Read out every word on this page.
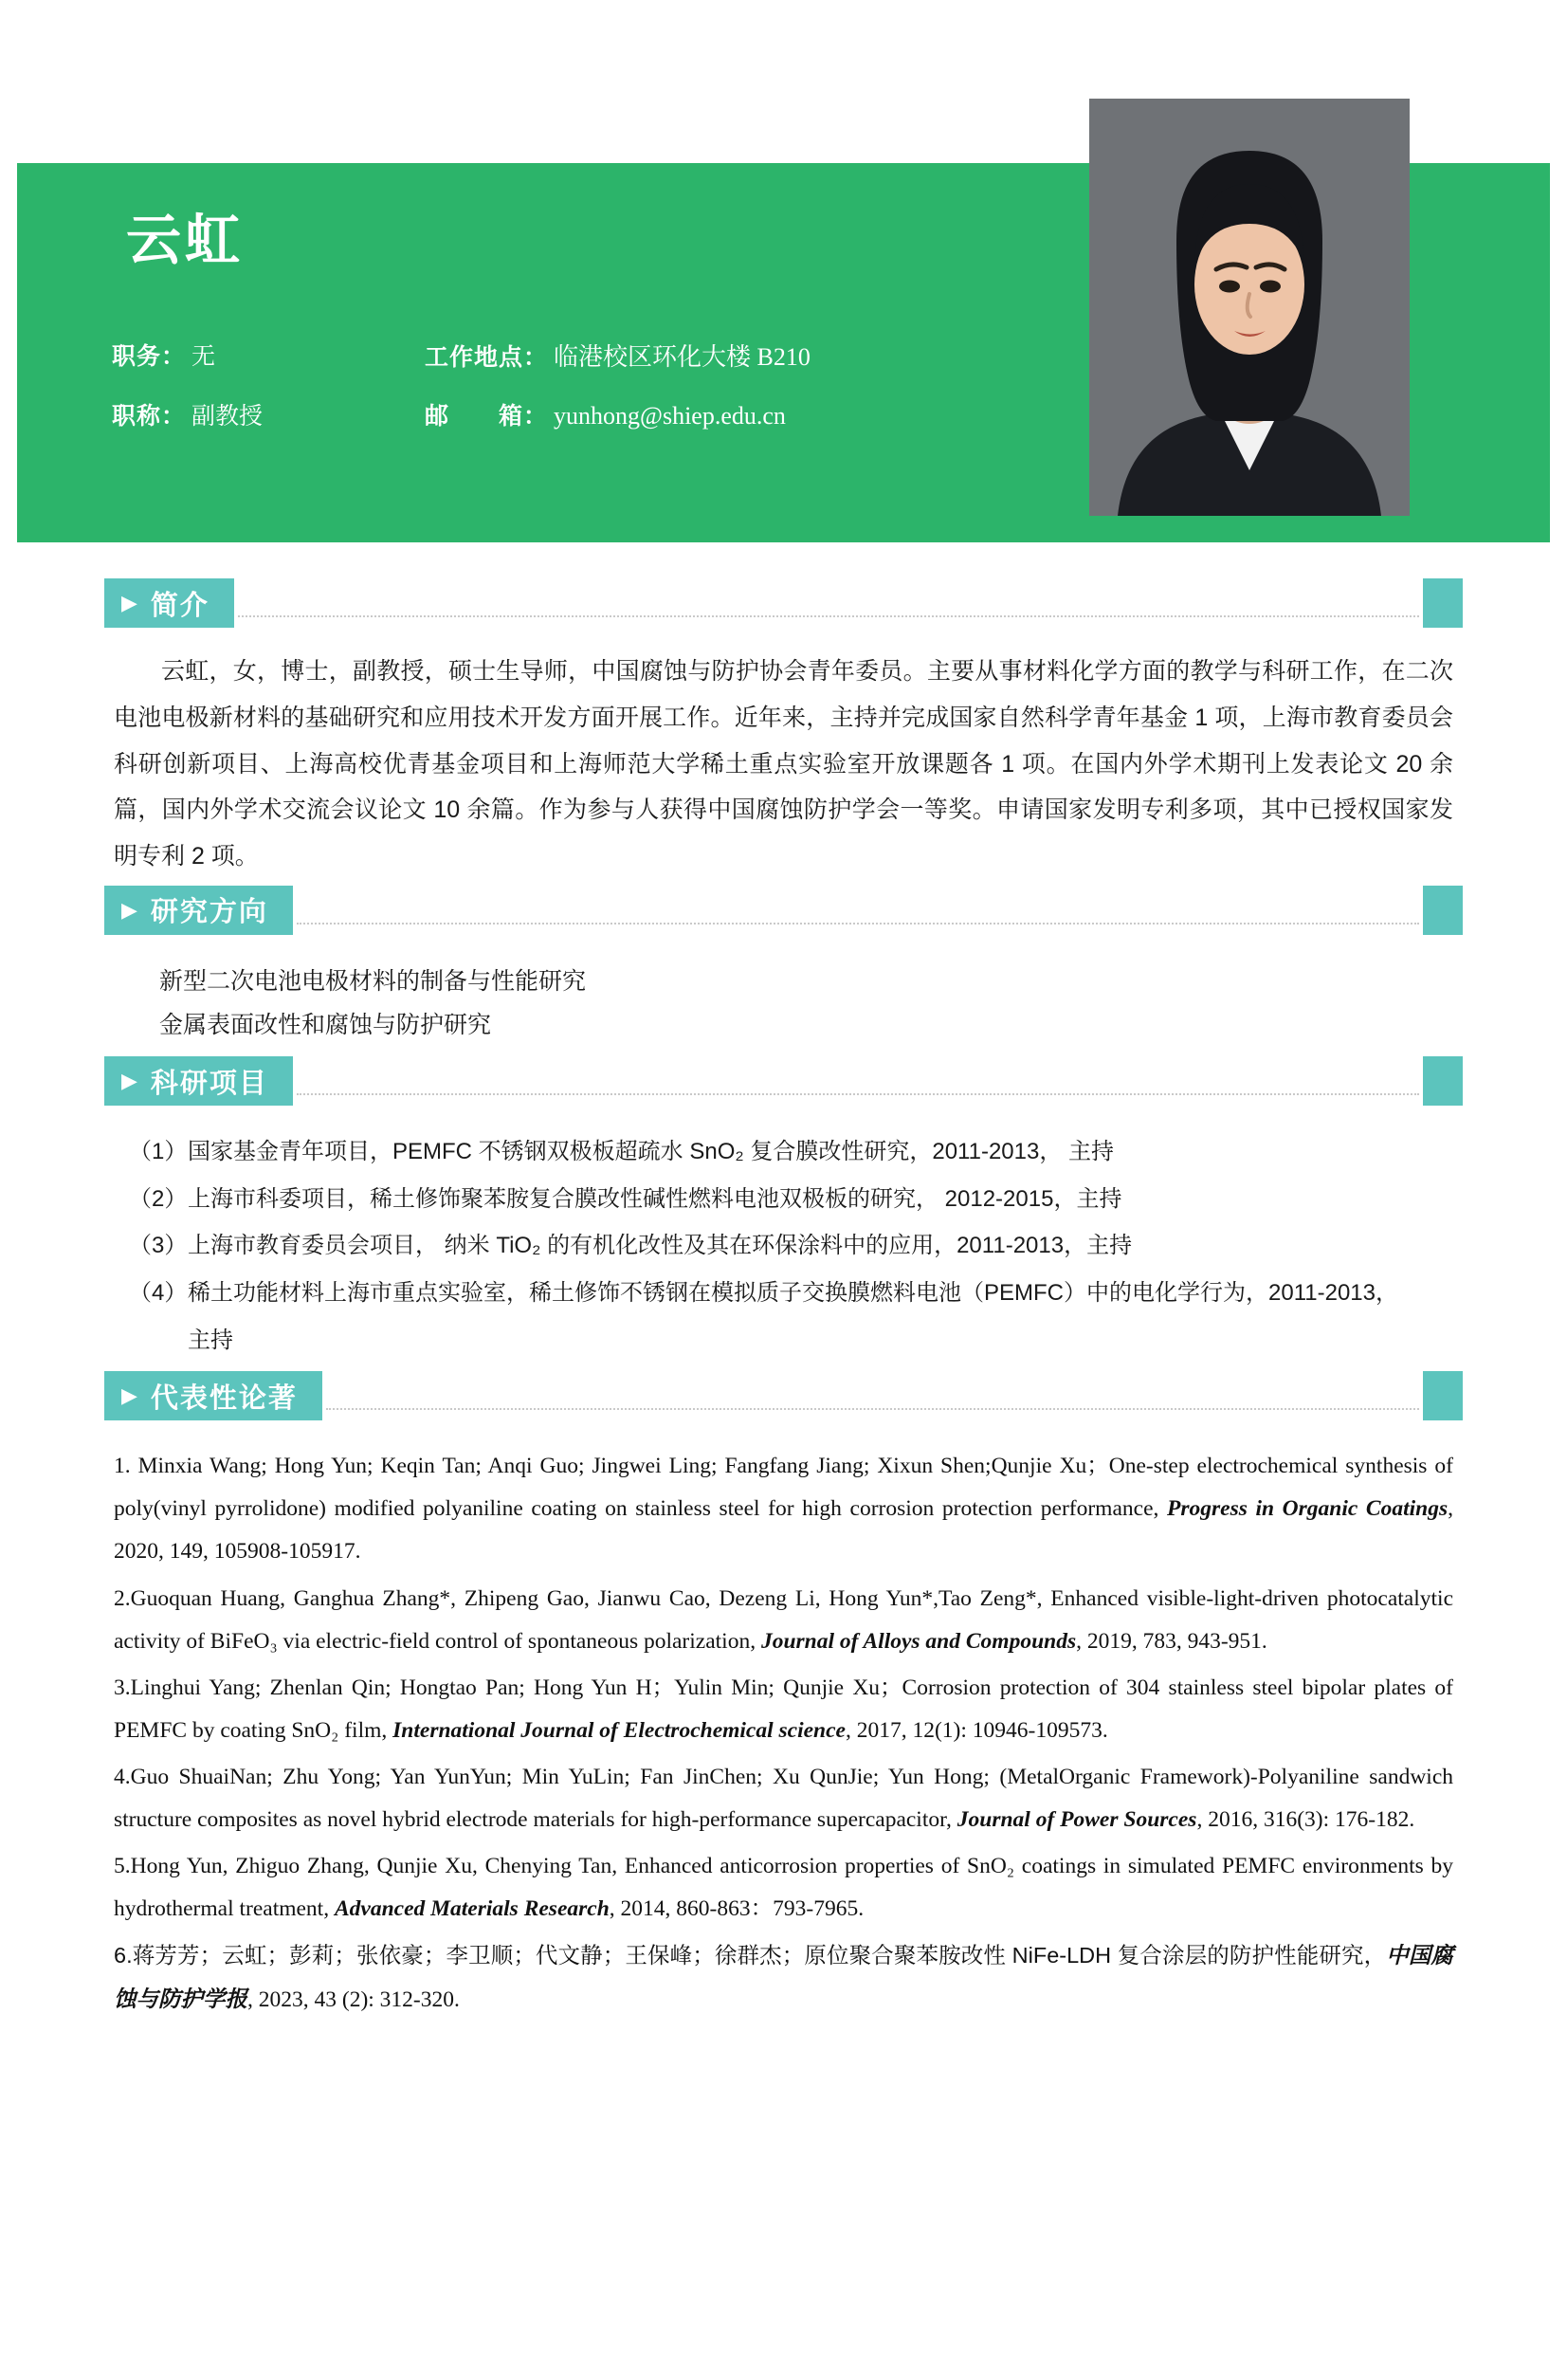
云虹
职务： 无	工作地点： 临港校区环化大楼 B210
职称： 副教授	邮　　箱： yunhong@shiep.edu.cn
▶ 简介

云虹，女，博士，副教授，硕士生导师，中国腐蚀与防护协会青年委员。主要从事材料化学方面的教学与科研工作，在二次电池电极新材料的基础研究和应用技术开发方面开展工作。近年来，主持并完成国家自然科学青年基金 1 项，上海市教育委员会科研创新项目、上海高校优青基金项目和上海师范大学稀土重点实验室开放课题各 1 项。在国内外学术期刊上发表论文 20 余篇，国内外学术交流会议论文 10 余篇。作为参与人获得中国腐蚀防护学会一等奖。申请国家发明专利多项，其中已授权国家发明专利 2 项。

▶ 研究方向
新型二次电池电极材料的制备与性能研究
金属表面改性和腐蚀与防护研究
▶ 科研项目
（1） 国家基金青年项目，PEMFC 不锈钢双极板超疏水 SnO₂ 复合膜改性研究，2011-2013， 主持
（2） 上海市科委项目，稀土修饰聚苯胺复合膜改性碱性燃料电池双极板的研究， 2012-2015，主持
（3） 上海市教育委员会项目， 纳米 TiO₂ 的有机化改性及其在环保涂料中的应用，2011-2013，主持
（4） 稀土功能材料上海市重点实验室，稀土修饰不锈钢在模拟质子交换膜燃料电池（PEMFC）中的电化学行为，2011-2013，
主持
▶ 代表性论著
1. Minxia Wang; Hong Yun; Keqin Tan; Anqi Guo; Jingwei Ling; Fangfang Jiang; Xixun Shen;Qunjie Xu；One-step electrochemical synthesis of poly(vinyl pyrrolidone) modified polyaniline coating on stainless steel for high corrosion protection performance, Progress in Organic Coatings, 2020, 149, 105908-105917.
2.Guoquan Huang, Ganghua Zhang*, Zhipeng Gao, Jianwu Cao, Dezeng Li, Hong Yun*,Tao Zeng*, Enhanced visible-light-driven photocatalytic activity of BiFeO₃ via electric-field control of spontaneous polarization, Journal of Alloys and Compounds, 2019, 783, 943-951.
3.Linghui Yang; Zhenlan Qin; Hongtao Pan; Hong Yun H；Yulin Min; Qunjie Xu；Corrosion protection of 304 stainless steel bipolar plates of PEMFC by coating SnO₂ film, International Journal of Electrochemical science, 2017, 12(1): 10946-109573.
4.Guo ShuaiNan; Zhu Yong; Yan YunYun; Min YuLin; Fan JinChen; Xu QunJie; Yun Hong; (MetalOrganic Framework)-Polyaniline sandwich structure composites as novel hybrid electrode materials for high-performance supercapacitor, Journal of Power Sources, 2016, 316(3): 176-182.
5.Hong Yun, Zhiguo Zhang, Qunjie Xu, Chenying Tan, Enhanced anticorrosion properties of SnO₂ coatings in simulated PEMFC environments by hydrothermal treatment, Advanced Materials Research, 2014, 860-863：793-7965.
6.蒋芳芳；云虹；彭莉；张依豪；李卫顺；代文静；王保峰；徐群杰；原位聚合聚苯胺改性 NiFe-LDH 复合涂层的防护性能研究，中国腐蚀与防护学报, 2023, 43 (2): 312-320.
